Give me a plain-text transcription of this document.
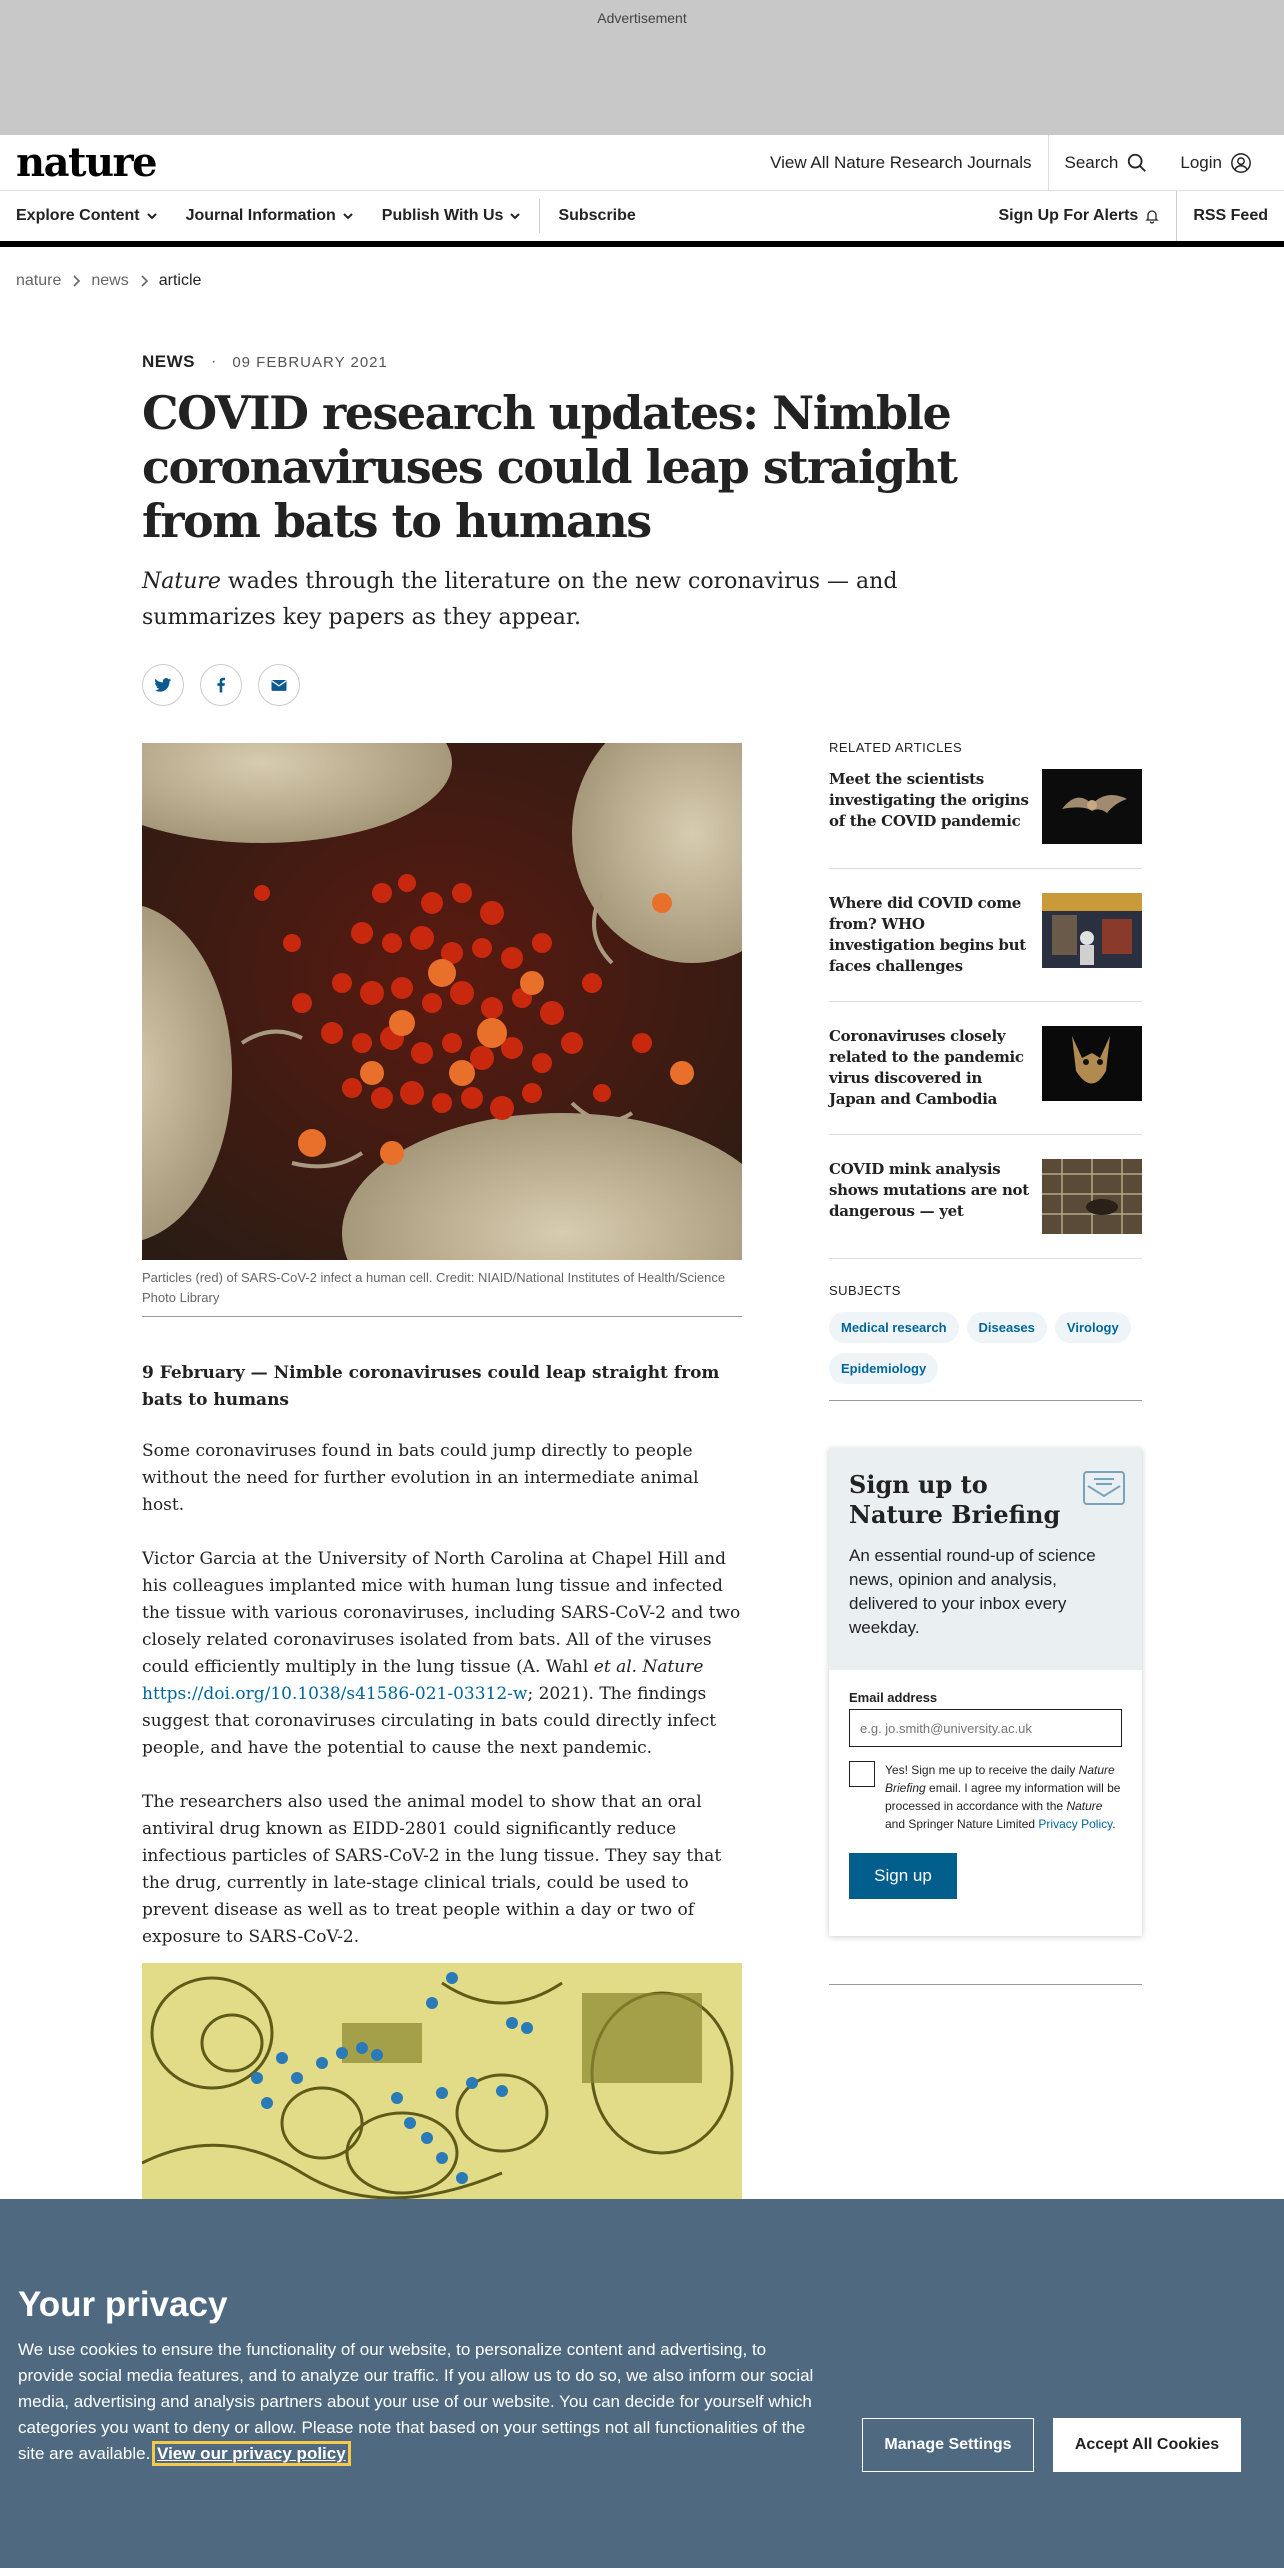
Advertisement
nature	View All Nature Research Journals	Search	Login
Explore Content	Journal Information	Publish With Us	Subscribe	Sign Up For Alerts	RSS Feed
nature news article
NEWS · 09 FEBRUARY 2021
COVID research updates: Nimble coronaviruses could leap straight from bats to humans

Nature wades through the literature on the new coronavirus — and summarizes key papers as they appear.

Particles (red) of SARS-CoV-2 infect a human cell. Credit: NIAID/National Institutes of Health/Science Photo Library
9 February — Nimble coronaviruses could leap straight from bats to humans

Some coronaviruses found in bats could jump directly to people without the need for further evolution in an intermediate animal host.

Victor Garcia at the University of North Carolina at Chapel Hill and his colleagues implanted mice with human lung tissue and infected the tissue with various coronaviruses, including SARS-CoV-2 and two closely related coronaviruses isolated from bats. All of the viruses could efficiently multiply in the lung tissue (A. Wahl et al. Nature https://doi.org/10.1038/s41586-021-03312-w; 2021). The findings suggest that coronaviruses circulating in bats could directly infect people, and have the potential to cause the next pandemic.

The researchers also used the animal model to show that an oral antiviral drug known as EIDD-2801 could significantly reduce infectious particles of SARS-CoV-2 in the lung tissue. They say that the drug, currently in late-stage clinical trials, could be used to prevent disease as well as to treat people within a day or two of exposure to SARS-CoV-2.

RELATED ARTICLES
Meet the scientists investigating the origins of the COVID pandemic
Where did COVID come from? WHO investigation begins but faces challenges
Coronaviruses closely related to the pandemic virus discovered in Japan and Cambodia
COVID mink analysis shows mutations are not dangerous — yet
SUBJECTS
Medical research	Diseases	Virology
Epidemiology
Sign up to Nature Briefing

An essential round-up of science news, opinion and analysis, delivered to your inbox every weekday.

Email address
e.g. jo.smith@university.ac.uk
Yes! Sign me up to receive the daily Nature Briefing email. I agree my information will be processed in accordance with the Nature and Springer Nature Limited Privacy Policy.
Sign up
Your privacy

We use cookies to ensure the functionality of our website, to personalize content and advertising, to provide social media features, and to analyze our traffic. If you allow us to do so, we also inform our social media, advertising and analysis partners about your use of our website. You can decide for yourself which categories you want to deny or allow. Please note that based on your settings not all functionalities of the site are available. View our privacy policy	Manage Settings	Accept All Cookies
